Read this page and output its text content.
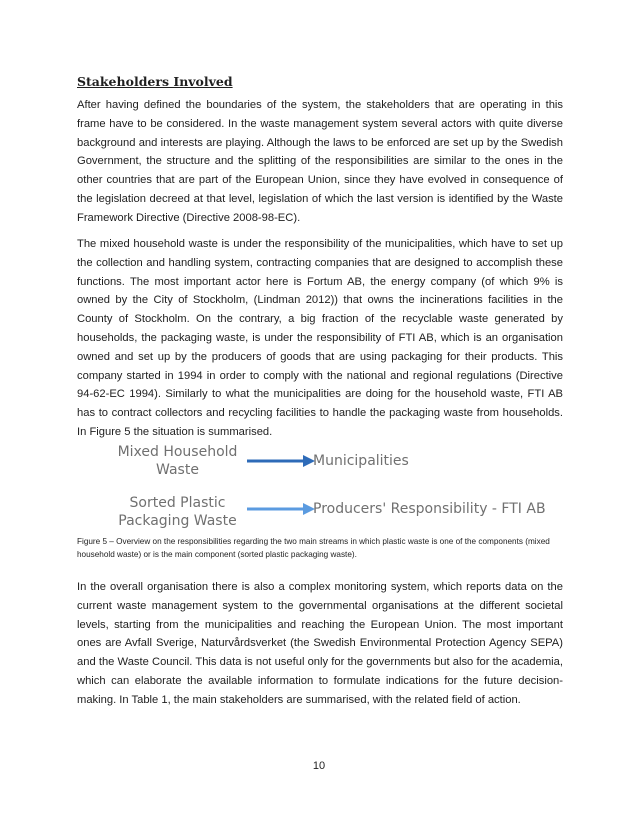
Stakeholders Involved

After having defined the boundaries of the system, the stakeholders that are operating in this frame have to be considered. In the waste management system several actors with quite diverse background and interests are playing. Although the laws to be enforced are set up by the Swedish Government, the structure and the splitting of the responsibilities are similar to the ones in the other countries that are part of the European Union, since they have evolved in consequence of the legislation decreed at that level, legislation of which the last version is identified by the Waste Framework Directive (Directive 2008-98-EC).

The mixed household waste is under the responsibility of the municipalities, which have to set up the collection and handling system, contracting companies that are designed to accomplish these functions. The most important actor here is Fortum AB, the energy company (of which 9% is owned by the City of Stockholm, (Lindman 2012)) that owns the incinerations facilities in the County of Stockholm. On the contrary, a big fraction of the recyclable waste generated by households, the packaging waste, is under the responsibility of FTI AB, which is an organisation owned and set up by the producers of goods that are using packaging for their products. This company started in 1994 in order to comply with the national and regional regulations (Directive 94-62-EC 1994). Similarly to what the municipalities are doing for the household waste, FTI AB has to contract collectors and recycling facilities to handle the packaging waste from households. In Figure 5 the situation is summarised.

Mixed Household
Waste
Municipalities
Sorted Plastic
Packaging Waste
Producers' Responsibility - FTI AB

Figure 5 – Overview on the responsibilities regarding the two main streams in which plastic waste is one of the components (mixed household waste) or is the main component (sorted plastic packaging waste).

In the overall organisation there is also a complex monitoring system, which reports data on the current waste management system to the governmental organisations at the different societal levels, starting from the municipalities and reaching the European Union. The most important ones are Avfall Sverige, Naturvårdsverket (the Swedish Environmental Protection Agency SEPA) and the Waste Council. This data is not useful only for the governments but also for the academia, which can elaborate the available information to formulate indications for the future decision-making. In Table 1, the main stakeholders are summarised, with the related field of action.

10
